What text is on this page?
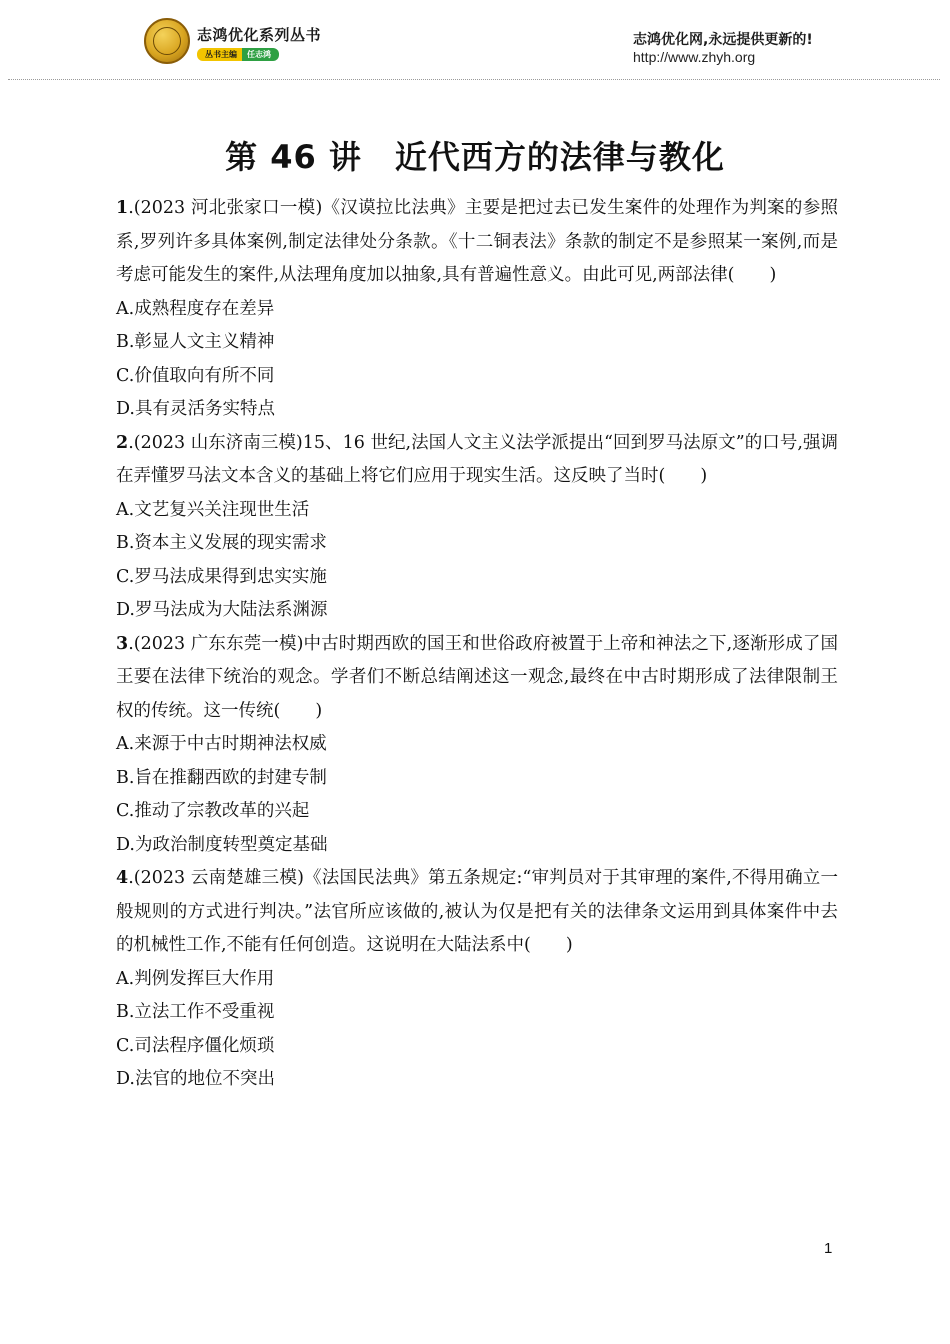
志鸿优化系列丛书
丛书主编	任志鸿
志鸿优化网,永远提供更新的!
http://www.zhyh.org
第 46 讲　近代西方的法律与教化

1.(2023 河北张家口一模)《汉谟拉比法典》主要是把过去已发生案件的处理作为判案的参照系,罗列许多具体案例,制定法律处分条款。《十二铜表法》条款的制定不是参照某一案例,而是考虑可能发生的案件,从法理角度加以抽象,具有普遍性意义。由此可见,两部法律(　　)

A.成熟程度存在差异

B.彰显人文主义精神

C.价值取向有所不同

D.具有灵活务实特点

2.(2023 山东济南三模)15、16 世纪,法国人文主义法学派提出“回到罗马法原文”的口号,强调在弄懂罗马法文本含义的基础上将它们应用于现实生活。这反映了当时(　　)

A.文艺复兴关注现世生活

B.资本主义发展的现实需求

C.罗马法成果得到忠实实施

D.罗马法成为大陆法系渊源

3.(2023 广东东莞一模)中古时期西欧的国王和世俗政府被置于上帝和神法之下,逐渐形成了国王要在法律下统治的观念。学者们不断总结阐述这一观念,最终在中古时期形成了法律限制王权的传统。这一传统(　　)

A.来源于中古时期神法权威

B.旨在推翻西欧的封建专制

C.推动了宗教改革的兴起

D.为政治制度转型奠定基础

4.(2023 云南楚雄三模)《法国民法典》第五条规定:“审判员对于其审理的案件,不得用确立一般规则的方式进行判决。”法官所应该做的,被认为仅是把有关的法律条文运用到具体案件中去的机械性工作,不能有任何创造。这说明在大陆法系中(　　)

A.判例发挥巨大作用

B.立法工作不受重视

C.司法程序僵化烦琐

D.法官的地位不突出

1
